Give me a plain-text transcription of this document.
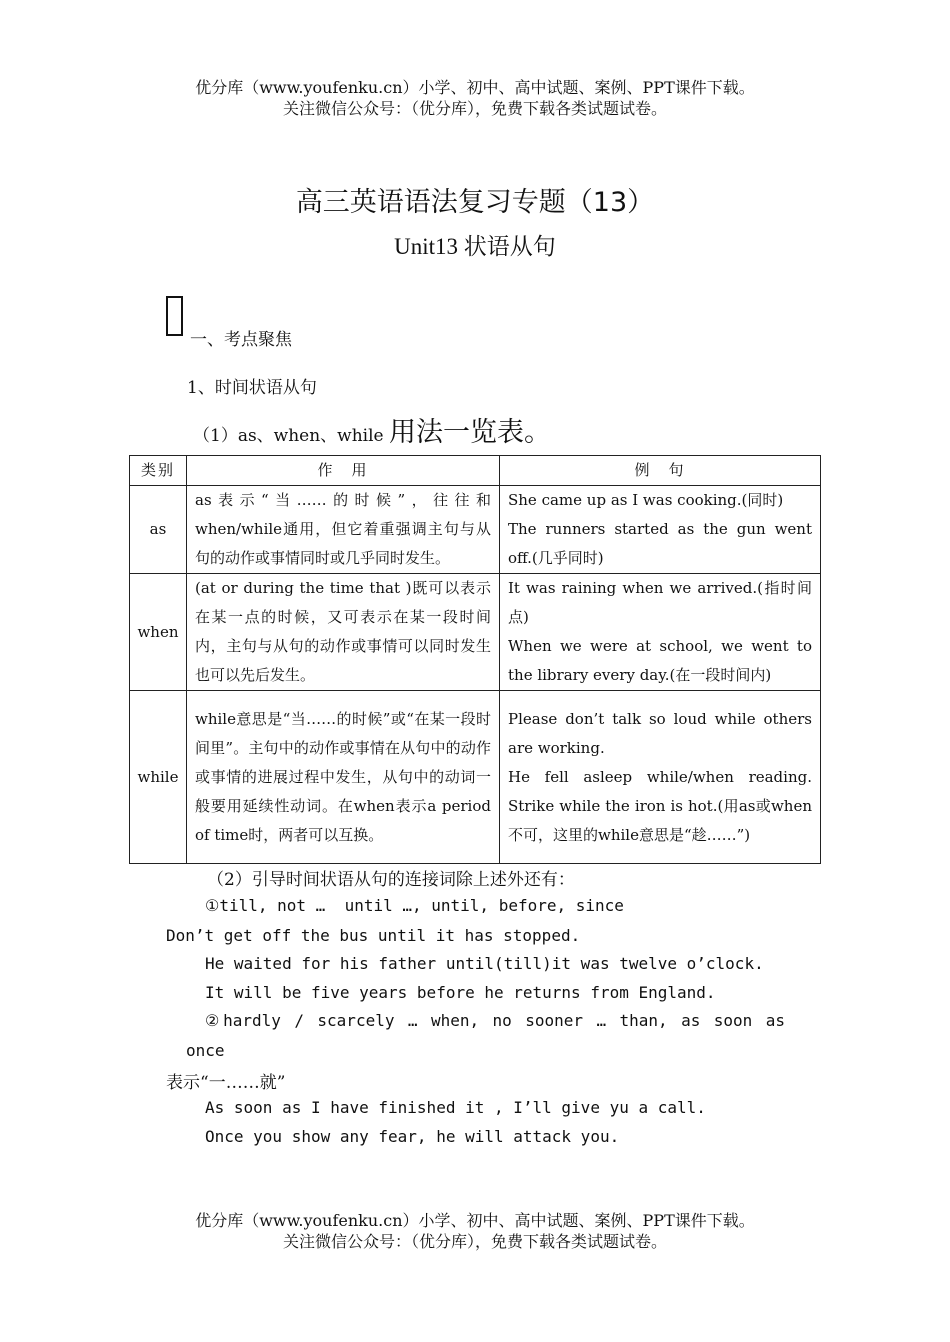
优分库（www.youfenku.cn）小学、初中、高中试题、案例、PPT课件下载。
关注微信公众号：（优分库），免费下载各类试题试卷。
高三英语语法复习专题（13）
Unit13 状语从句
一、考点聚焦
1、时间状语从句
（1）as、when、while 用法一览表。
类别	作　用	例　句
as	as表示“当……的时候”，往往和when/while通用，但它着重强调主句与从句的动作或事情同时或几乎同时发生。	She came up as I was cooking.(同时)
The runners started as the gun went off.(几乎同时)

when	(at or during the time that )既可以表示在某一点的时候，又可表示在某一段时间内，主句与从句的动作或事情可以同时发生也可以先后发生。	It was raining when we arrived.(指时间点)
When we were at school, we went to the library every day.(在一段时间内)

while	while意思是“当……的时候”或“在某一段时间里”。主句中的动作或事情在从句中的动作或事情的进展过程中发生，从句中的动词一般要用延续性动词。在when表示a period of time时，两者可以互换。	Please don’t talk so loud while others are working.
He fell asleep while/when reading. Strike while the iron is hot.(用as或when不可，这里的while意思是“趁……”)
（2）引导时间状语从句的连接词除上述外还有：
①till, not …  until …, until, before, since
Don’t get off the bus until it has stopped.
He waited for his father until(till)it was twelve o’clock.
It will be five years before he returns from England.
②hardly / scarcely … when, no sooner … than, as soon as
once
表示“一……就”
As soon as I have finished it , I’ll give yu a call.
Once you show any fear, he will attack you.
优分库（www.youfenku.cn）小学、初中、高中试题、案例、PPT课件下载。
关注微信公众号：（优分库），免费下载各类试题试卷。
